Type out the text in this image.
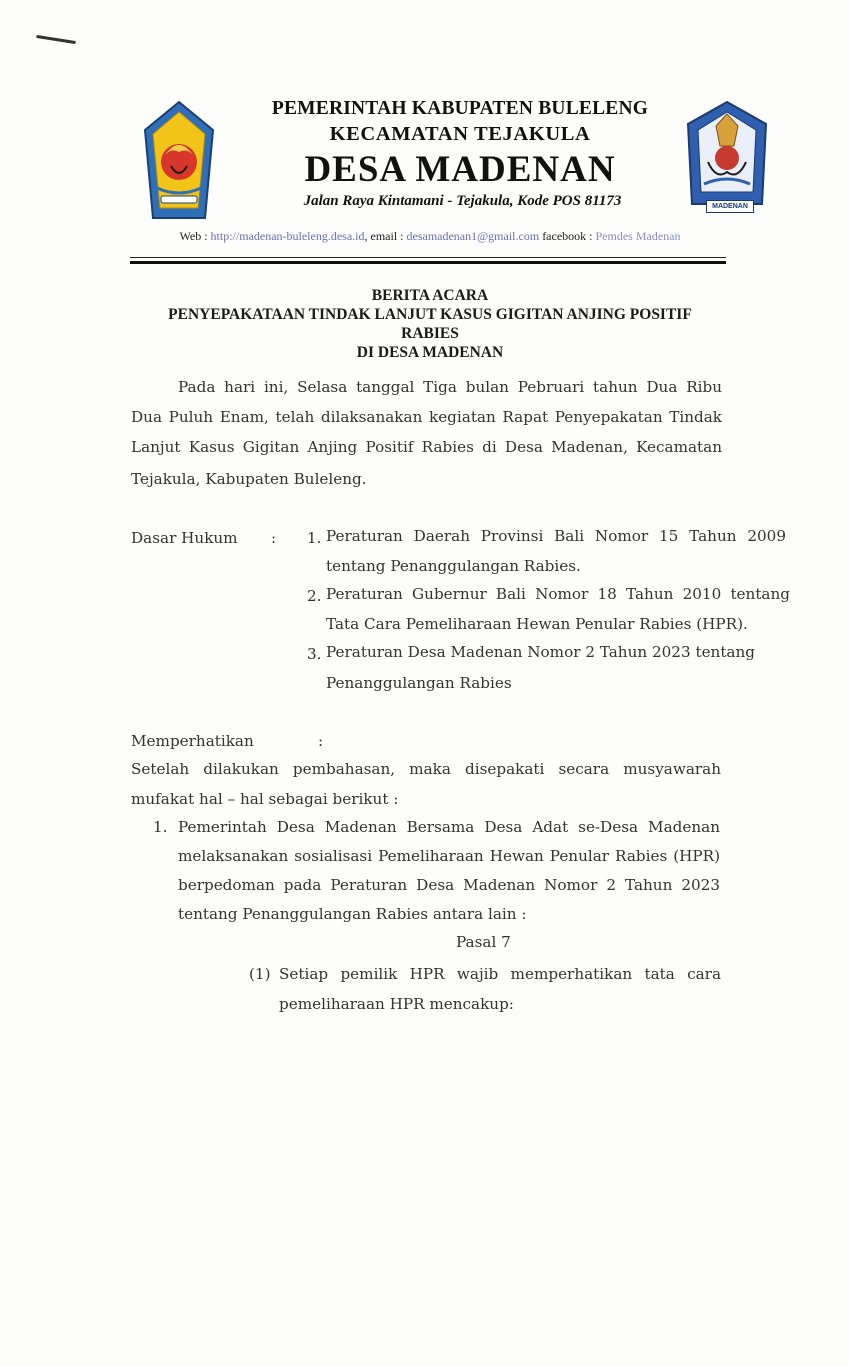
MADENAN
PEMERINTAH KABUPATEN BULELENG
KECAMATAN TEJAKULA
DESA MADENAN
Jalan Raya Kintamani - Tejakula, Kode POS 81173
Web : http://madenan-buleleng.desa.id, email : desamadenan1@gmail.com facebook : Pemdes Madenan
BERITA ACARA
PENYEPAKATAAN TINDAK LANJUT KASUS GIGITAN ANJING POSITIF
RABIES
DI DESA MADENAN
Pada hari ini, Selasa tanggal Tiga bulan Pebruari tahun Dua Ribu
Dua Puluh Enam, telah dilaksanakan kegiatan Rapat Penyepakatan Tindak
Lanjut Kasus Gigitan Anjing Positif Rabies di Desa Madenan, Kecamatan
Tejakula, Kabupaten Buleleng.
Dasar Hukum : 1. Peraturan Daerah Provinsi Bali Nomor 15 Tahun 2009
tentang Penanggulangan Rabies.
2. Peraturan Gubernur Bali Nomor 18 Tahun 2010 tentang
Tata Cara Pemeliharaan Hewan Penular Rabies (HPR).
3. Peraturan Desa Madenan Nomor 2 Tahun 2023 tentang
Penanggulangan Rabies
Memperhatikan	:
Setelah dilakukan pembahasan, maka disepakati secara musyawarah
mufakat hal – hal sebagai berikut :
1. Pemerintah Desa Madenan Bersama Desa Adat se-Desa Madenan
melaksanakan sosialisasi Pemeliharaan Hewan Penular Rabies (HPR)
berpedoman pada Peraturan Desa Madenan Nomor 2 Tahun 2023
tentang Penanggulangan Rabies antara lain :
Pasal 7
(1) Setiap pemilik HPR wajib memperhatikan tata cara
pemeliharaan HPR mencakup:
